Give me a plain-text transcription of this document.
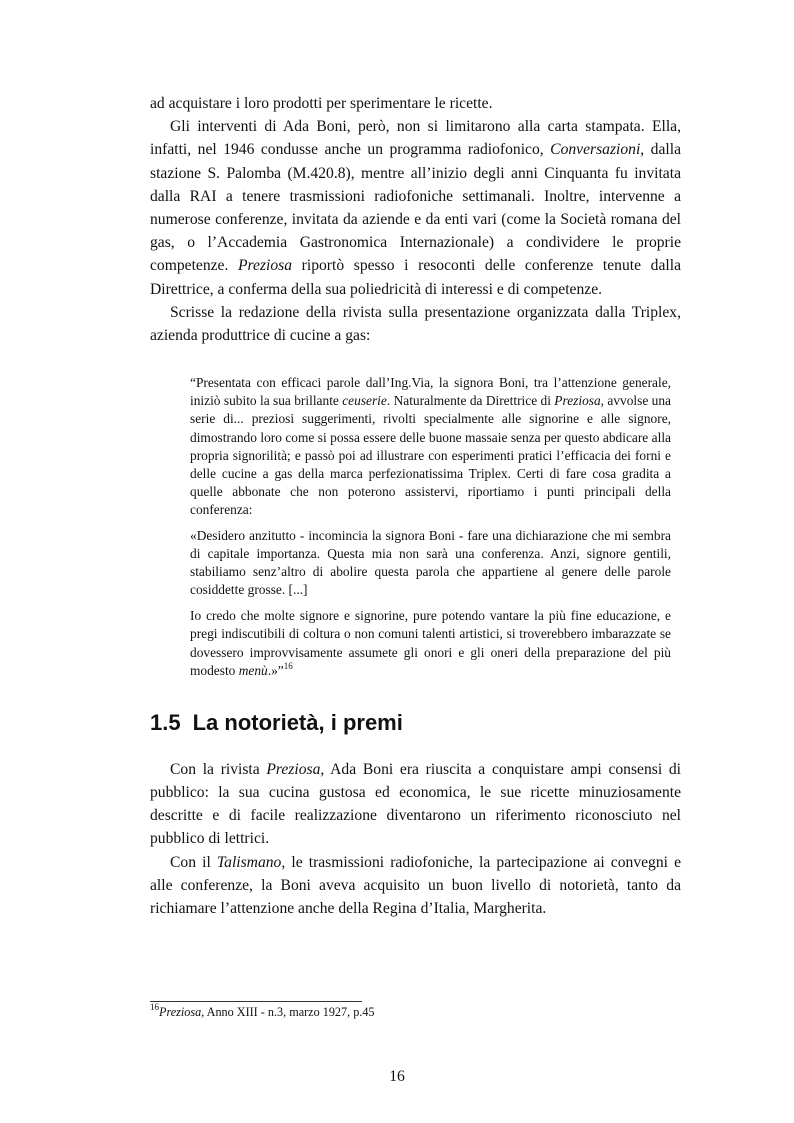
ad acquistare i loro prodotti per sperimentare le ricette.

Gli interventi di Ada Boni, però, non si limitarono alla carta stampata. Ella, infatti, nel 1946 condusse anche un programma radiofonico, Conversazioni, dalla stazione S. Palomba (M.420.8), mentre all’inizio degli anni Cinquanta fu invitata dalla RAI a tenere trasmissioni radiofoniche settimanali. Inoltre, intervenne a numerose conferenze, invitata da aziende e da enti vari (come la Società romana del gas, o l’Accademia Gastronomica Internazionale) a condividere le proprie competenze. Preziosa riportò spesso i resoconti delle conferenze tenute dalla Direttrice, a conferma della sua poliedricità di interessi e di competenze.

Scrisse la redazione della rivista sulla presentazione organizzata dalla Triplex, azienda produttrice di cucine a gas:

“Presentata con efficaci parole dall’Ing.Via, la signora Boni, tra l’attenzione generale, iniziò subito la sua brillante ceuserie. Naturalmente da Direttrice di Preziosa, avvolse una serie di... preziosi suggerimenti, rivolti specialmente alle signorine e alle signore, dimostrando loro come si possa essere delle buone massaie senza per questo abdicare alla propria signorilità; e passò poi ad illustrare con esperimenti pratici l’efficacia dei forni e delle cucine a gas della marca perfezionatissima Triplex. Certi di fare cosa gradita a quelle abbonate che non poterono assistervi, riportiamo i punti principali della conferenza:

«Desidero anzitutto - incomincia la signora Boni - fare una dichiarazione che mi sembra di capitale importanza. Questa mia non sarà una conferenza. Anzi, signore gentili, stabiliamo senz’altro di abolire questa parola che appartiene al genere delle parole cosiddette grosse. [...]

Io credo che molte signore e signorine, pure potendo vantare la più fine educazione, e pregi indiscutibili di coltura o non comuni talenti artistici, si troverebbero imbarazzate se dovessero improvvisamente assumete gli onori e gli oneri della preparazione del più modesto menù.»”$^{16}$

1.5 La notorietà, i premi

Con la rivista Preziosa, Ada Boni era riuscita a conquistare ampi consensi di pubblico: la sua cucina gustosa ed economica, le sue ricette minuziosamente descritte e di facile realizzazione diventarono un riferimento riconosciuto nel pubblico di lettrici.

Con il Talismano, le trasmissioni radiofoniche, la partecipazione ai convegni e alle conferenze, la Boni aveva acquisito un buon livello di notorietà, tanto da richiamare l’attenzione anche della Regina d’Italia, Margherita.

$^{16}$Preziosa, Anno XIII - n.3, marzo 1927, p.45
16
